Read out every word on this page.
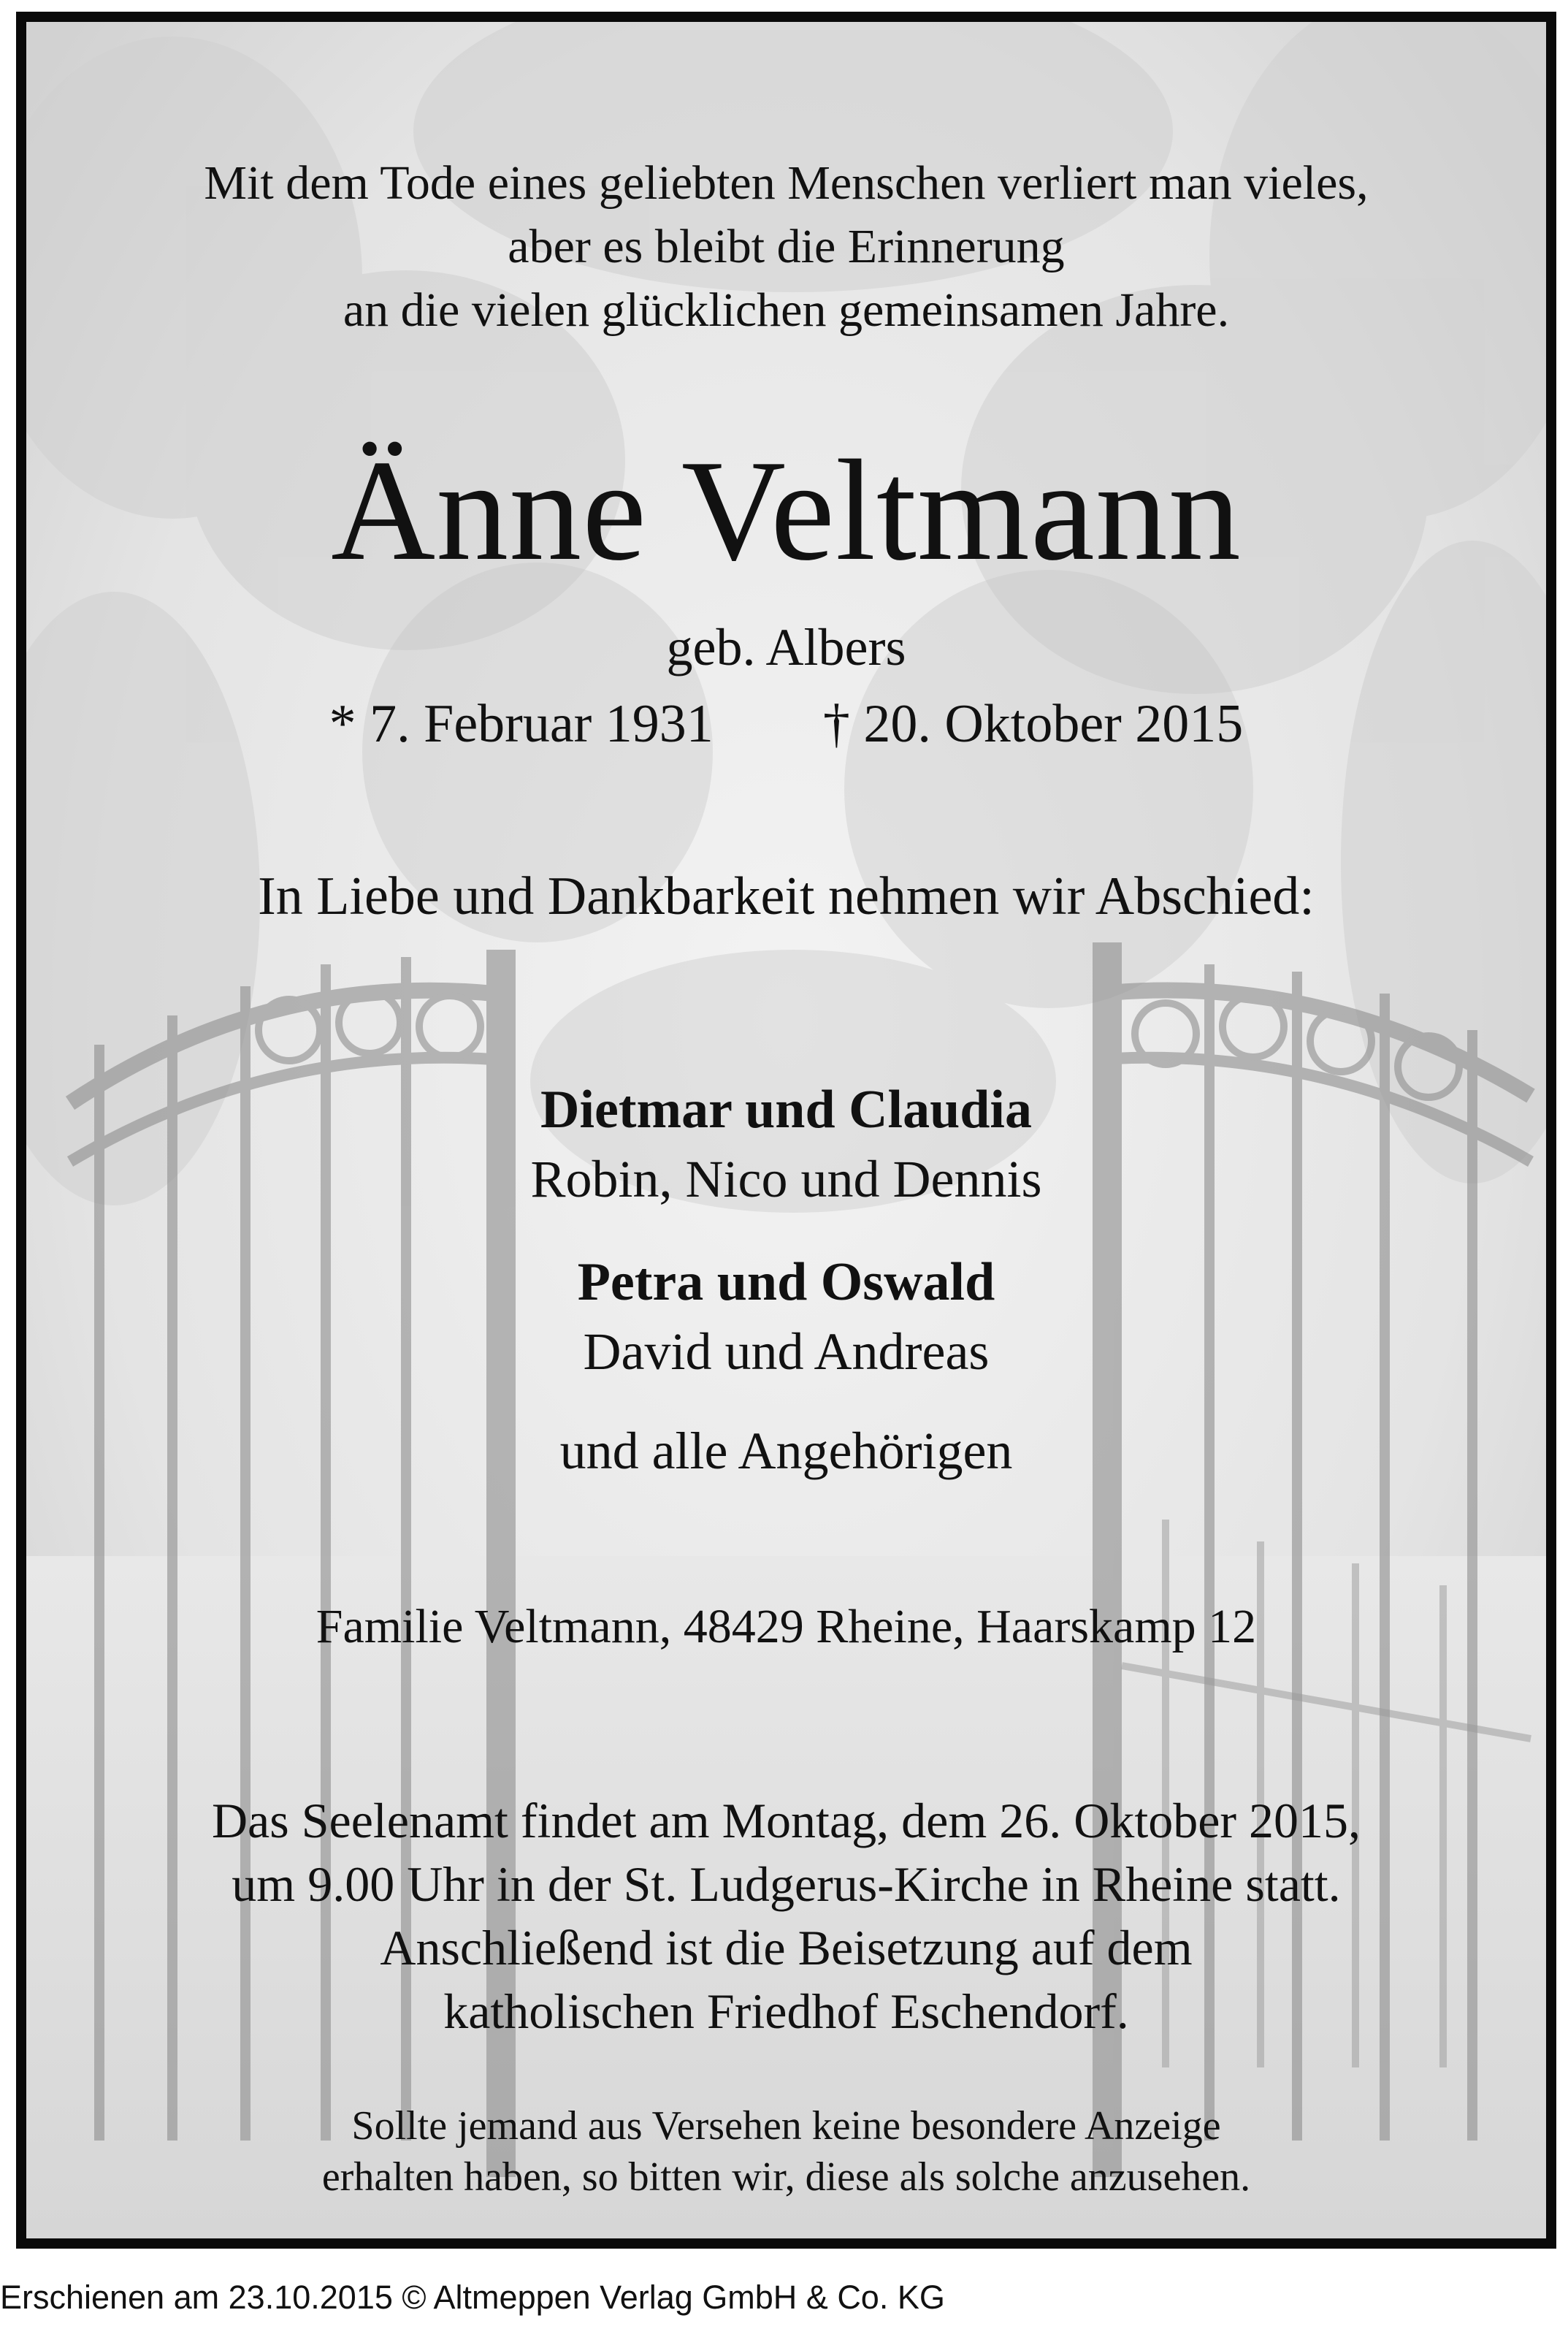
Mit dem Tode eines geliebten Menschen verliert man vieles,
aber es bleibt die Erinnerung
an die vielen glücklichen gemeinsamen Jahre.
Änne Veltmann
geb. Albers
* 7. Februar 1931 † 20. Oktober 2015
In Liebe und Dankbarkeit nehmen wir Abschied:
Dietmar und Claudia
Robin, Nico und Dennis
Petra und Oswald
David und Andreas
und alle Angehörigen
Familie Veltmann, 48429 Rheine, Haarskamp 12
Das Seelenamt findet am Montag, dem 26. Oktober 2015,
um 9.00 Uhr in der St. Ludgerus-Kirche in Rheine statt.
Anschließend ist die Beisetzung auf dem
katholischen Friedhof Eschendorf.
Sollte jemand aus Versehen keine besondere Anzeige
erhalten haben, so bitten wir, diese als solche anzusehen.
Erschienen am 23.10.2015 © Altmeppen Verlag GmbH & Co. KG
